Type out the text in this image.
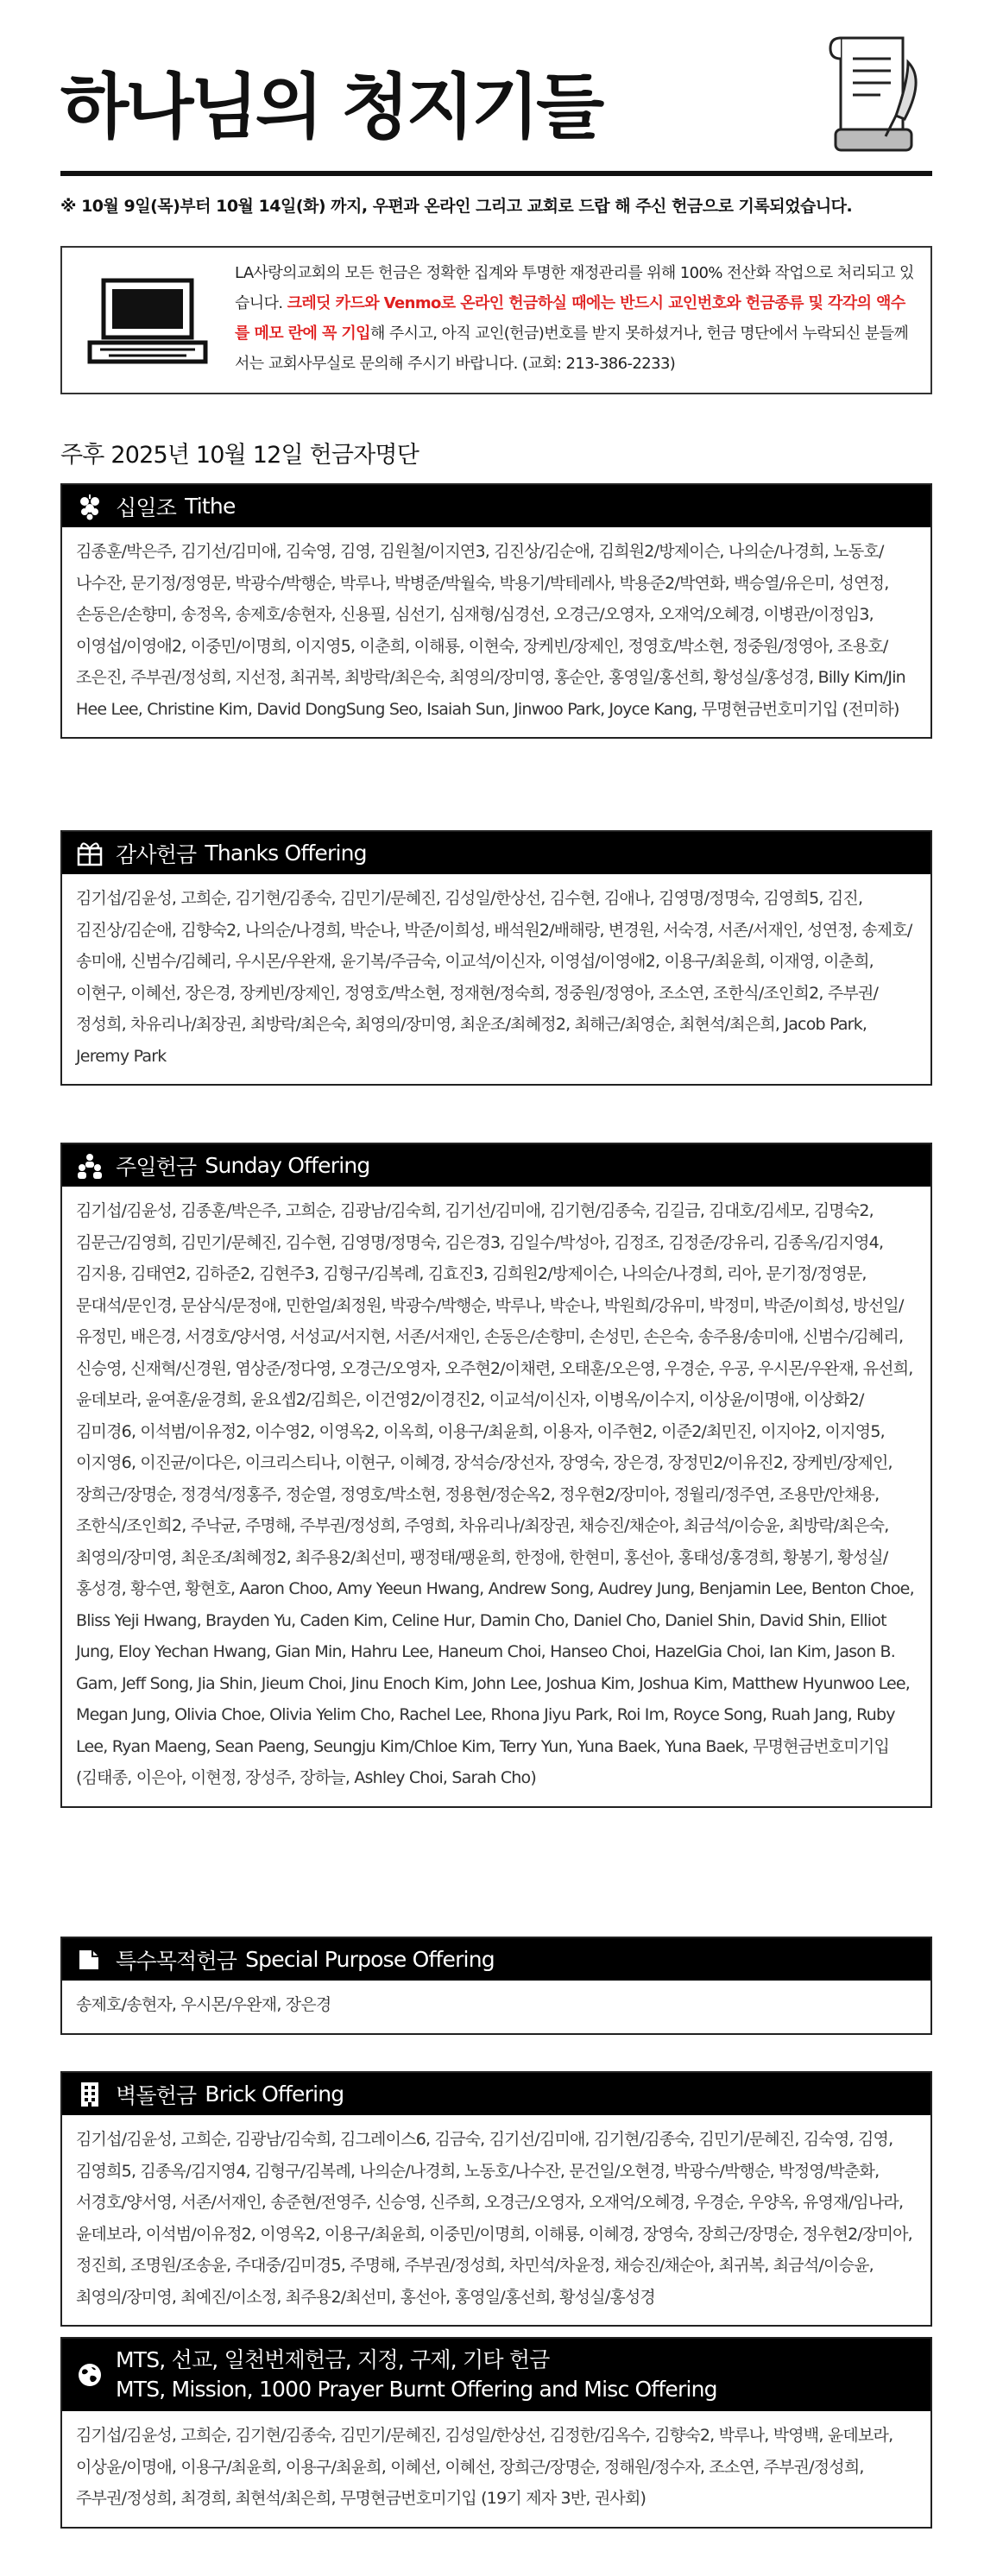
하나님의 청지기들
※ 10월 9일(목)부터 10월 14일(화) 까지, 우편과 온라인 그리고 교회로 드랍 해 주신 헌금으로 기록되었습니다.
LA사랑의교회의 모든 헌금은 정확한 집계와 투명한 재정관리를 위해 100% 전산화 작업으로 처리되고 있습니다. 크레딧 카드와 Venmo로 온라인 헌금하실 때에는 반드시 교인번호와 헌금종류 및 각각의 액수를 메모 란에 꼭 기입해 주시고, 아직 교인(헌금)번호를 받지 못하셨거나, 헌금 명단에서 누락되신 분들께서는 교회사무실로 문의해 주시기 바랍니다. (교회: 213-386-2233)
주후 2025년 10월 12일 헌금자명단
십일조 Tithe
김종훈/박은주, 김기선/김미애, 김숙영, 김영, 김원철/이지연3, 김진상/김순애, 김희원2/방제이슨, 나의순/나경희, 노동호/나수잔, 문기정/정영문, 박광수/박행순, 박루나, 박병준/박월숙, 박용기/박테레사, 박용준2/박연화, 백승열/유은미, 성연정, 손동은/손향미, 송정옥, 송제호/송현자, 신용필, 심선기, 심재형/심경선, 오경근/오영자, 오재억/오혜경, 이병관/이정임3, 이영섭/이영애2, 이중민/이명희, 이지영5, 이춘희, 이해룡, 이현숙, 장케빈/장제인, 정영호/박소현, 정중원/정영아, 조용호/조은진, 주부권/정성희, 지선정, 최귀복, 최방락/최은숙, 최영의/장미영, 홍순안, 홍영일/홍선희, 황성실/홍성경, Billy Kim/Jin Hee Lee, Christine Kim, David DongSung Seo, Isaiah Sun, Jinwoo Park, Joyce Kang, 무명현금번호미기입 (전미하)
감사헌금 Thanks Offering
김기섭/김윤성, 고희순, 김기현/김종숙, 김민기/문혜진, 김성일/한상선, 김수현, 김애나, 김영명/정명숙, 김영희5, 김진, 김진상/김순애, 김향숙2, 나의순/나경희, 박순나, 박준/이희성, 배석원2/배해랑, 변경원, 서숙경, 서존/서재인, 성연정, 송제호/송미애, 신범수/김혜리, 우시몬/우완재, 윤기복/주금숙, 이교석/이신자, 이영섭/이영애2, 이용구/최윤희, 이재영, 이춘희, 이현구, 이혜선, 장은경, 장케빈/장제인, 정영호/박소현, 정재현/정숙희, 정중원/정영아, 조소연, 조한식/조인희2, 주부권/정성희, 차유리나/최장권, 최방락/최은숙, 최영의/장미영, 최운조/최혜정2, 최해근/최영순, 최현석/최은희, Jacob Park, Jeremy Park
주일헌금 Sunday Offering
김기섭/김윤성, 김종훈/박은주, 고희순, 김광남/김숙희, 김기선/김미애, 김기현/김종숙, 김길금, 김대호/김세모, 김명숙2, 김문근/김영희, 김민기/문혜진, 김수현, 김영명/정명숙, 김은경3, 김일수/박성아, 김정조, 김정준/강유리, 김종옥/김지영4, 김지용, 김태연2, 김하준2, 김현주3, 김형구/김복례, 김효진3, 김희원2/방제이슨, 나의순/나경희, 리아, 문기정/정영문, 문대석/문인경, 문삼식/문정애, 민한얼/최정원, 박광수/박행순, 박루나, 박순나, 박원희/강유미, 박정미, 박준/이희성, 방선일/유정민, 배은경, 서경호/양서영, 서성교/서지현, 서존/서재인, 손동은/손향미, 손성민, 손은숙, 송주용/송미애, 신범수/김혜리, 신승영, 신재혁/신경원, 염상준/정다영, 오경근/오영자, 오주현2/이채련, 오태훈/오은영, 우경순, 우공, 우시몬/우완재, 유선희, 윤데보라, 윤여훈/윤경희, 윤요셉2/김희은, 이건영2/이경진2, 이교석/이신자, 이병옥/이수지, 이상윤/이명애, 이상화2/김미경6, 이석범/이유정2, 이수영2, 이영옥2, 이옥희, 이용구/최윤희, 이용자, 이주현2, 이준2/최민진, 이지아2, 이지영5, 이지영6, 이진균/이다은, 이크리스티나, 이현구, 이혜경, 장석승/장선자, 장영숙, 장은경, 장정민2/이유진2, 장케빈/장제인, 장희근/장명순, 정경석/정홍주, 정순열, 정영호/박소현, 정용현/정순옥2, 정우현2/장미아, 정월리/정주연, 조용만/안채용, 조한식/조인희2, 주낙균, 주명해, 주부권/정성희, 주영희, 차유리나/최장권, 채승진/채순아, 최금석/이승윤, 최방락/최은숙, 최영의/장미영, 최운조/최혜정2, 최주용2/최선미, 팽정태/팽윤희, 한정애, 한현미, 홍선아, 홍태성/홍경희, 황봉기, 황성실/홍성경, 황수연, 황현호, Aaron Choo, Amy Yeeun Hwang, Andrew Song, Audrey Jung, Benjamin Lee, Benton Choe, Bliss Yeji Hwang, Brayden Yu, Caden Kim, Celine Hur, Damin Cho, Daniel Cho, Daniel Shin, David Shin, Elliot Jung, Eloy Yechan Hwang, Gian Min, Hahru Lee, Haneum Choi, Hanseo Choi, HazelGia Choi, Ian Kim, Jason B. Gam, Jeff Song, Jia Shin, Jieum Choi, Jinu Enoch Kim, John Lee, Joshua Kim, Joshua Kim, Matthew Hyunwoo Lee, Megan Jung, Olivia Choe, Olivia Yelim Cho, Rachel Lee, Rhona Jiyu Park, Roi Im, Royce Song, Ruah Jang, Ruby Lee, Ryan Maeng, Sean Paeng, Seungju Kim/Chloe Kim, Terry Yun, Yuna Baek, Yuna Baek, 무명현금번호미기입 (김태종, 이은아, 이현정, 장성주, 장하늘, Ashley Choi, Sarah Cho)
특수목적헌금 Special Purpose Offering
송제호/송현자, 우시몬/우완재, 장은경
벽돌헌금 Brick Offering
김기섭/김윤성, 고희순, 김광남/김숙희, 김그레이스6, 김금숙, 김기선/김미애, 김기현/김종숙, 김민기/문혜진, 김숙영, 김영, 김영희5, 김종옥/김지영4, 김형구/김복례, 나의순/나경희, 노동호/나수잔, 문건일/오현경, 박광수/박행순, 박정영/박춘화, 서경호/양서영, 서존/서재인, 송준현/전영주, 신승영, 신주희, 오경근/오영자, 오재억/오혜경, 우경순, 우양옥, 유영재/임나라, 윤데보라, 이석범/이유정2, 이영옥2, 이용구/최윤희, 이중민/이명희, 이해룡, 이혜경, 장영숙, 장희근/장명순, 정우현2/장미아, 정진희, 조명원/조송윤, 주대중/김미경5, 주명해, 주부권/정성희, 차민석/차윤정, 채승진/채순아, 최귀복, 최금석/이승윤, 최영의/장미영, 최예진/이소정, 최주용2/최선미, 홍선아, 홍영일/홍선희, 황성실/홍성경
MTS, 선교, 일천번제헌금, 지정, 구제, 기타 헌금
MTS, Mission, 1000 Prayer Burnt Offering and Misc Offering
김기섭/김윤성, 고희순, 김기현/김종숙, 김민기/문혜진, 김성일/한상선, 김정한/김옥수, 김향숙2, 박루나, 박영백, 윤데보라, 이상윤/이명애, 이용구/최윤희, 이용구/최윤희, 이혜선, 이혜선, 장희근/장명순, 정해원/정수자, 조소연, 주부권/정성희, 주부권/정성희, 최경희, 최현석/최은희, 무명현금번호미기입 (19기 제자 3반, 권사회)
